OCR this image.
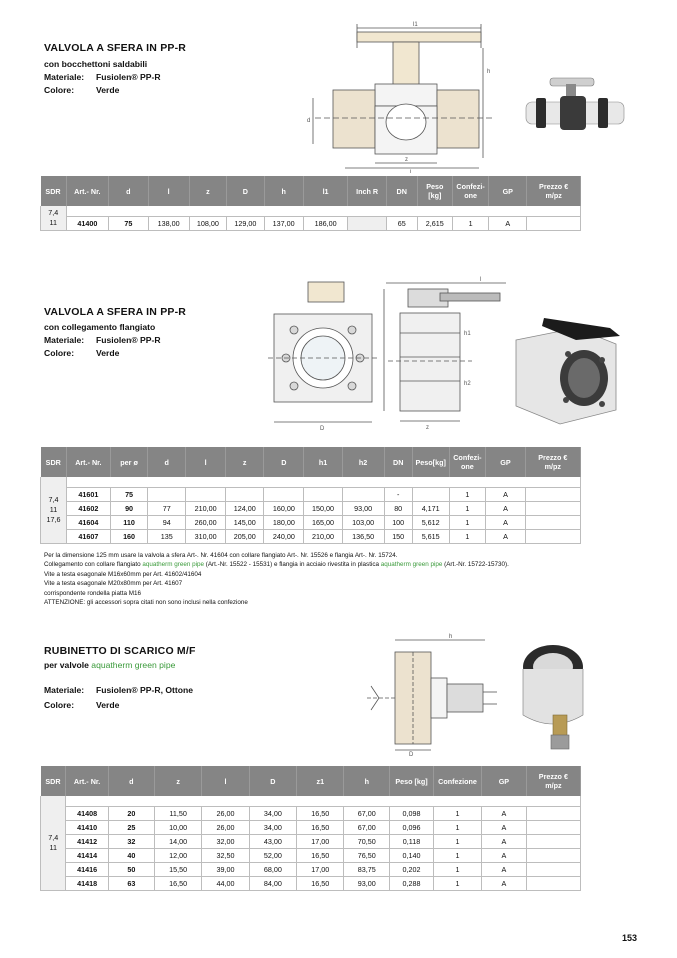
VALVOLA A SFERA IN PP-R
con bocchettoni saldabili
Materiale:	Fusiolen® PP-R
Colore:	Verde
l1
h
d
z
l
SDR	Art.- Nr.	d	l	z	D	h	l1	Inch R	DN	Peso [kg]	Confezi-
one	GP	Prezzo €
m/pz
7,4
11													
	41400	75	138,00	108,00	129,00	137,00	186,00		65	2,615	1	A	
VALVOLA A SFERA IN PP-R
con collegamento flangiato
Materiale:	Fusiolen® PP-R
Colore:	Verde
D
l
h1
h2
z
SDR	Art.- Nr.	per ø	d	l	z	D	h1	h2	DN	Peso[kg]	Confezi-
one	GP	Prezzo €
m/pz
7,4
11
17,6													
	41601	75							-		1	A	
	41602	90	77	210,00	124,00	160,00	150,00	93,00	80	4,171	1	A	
	41604	110	94	260,00	145,00	180,00	165,00	103,00	100	5,612	1	A	
	41607	160	135	310,00	205,00	240,00	210,00	136,50	150	5,615	1	A	
Per la dimensione 125 mm usare la valvola a sfera Art-. Nr. 41604 con collare flangiato Art-. Nr. 15526 e flangia Art-. Nr. 15724.
Collegamento con collare flangiato aquatherm green pipe (Art.-Nr. 15522 - 15531) e flangia in acciaio rivestita in plastica aquatherm green pipe (Art.-Nr. 15722-15730).
Vite a testa esagonale M16x60mm per Art. 41602/41604
Vite a testa esagonale M20x80mm per Art. 41607
corrispondente rondella piatta M16
ATTENZIONE: gli accessori sopra citati non sono inclusi nella confezione
RUBINETTO DI SCARICO M/F
per valvole
aquatherm green pipe
Materiale:	Fusiolen® PP-R, Ottone
Colore:	Verde
h
D
SDR	Art.- Nr.	d	z	l	D	z1	h	Peso [kg]	Confezione	GP	Prezzo €
m/pz
7,4
11											
	41408	20	11,50	26,00	34,00	16,50	67,00	0,098	1	A	
	41410	25	10,00	26,00	34,00	16,50	67,00	0,096	1	A	
	41412	32	14,00	32,00	43,00	17,00	70,50	0,118	1	A	
	41414	40	12,00	32,50	52,00	16,50	76,50	0,140	1	A	
	41416	50	15,50	39,00	68,00	17,00	83,75	0,202	1	A	
	41418	63	16,50	44,00	84,00	16,50	93,00	0,288	1	A	
153
